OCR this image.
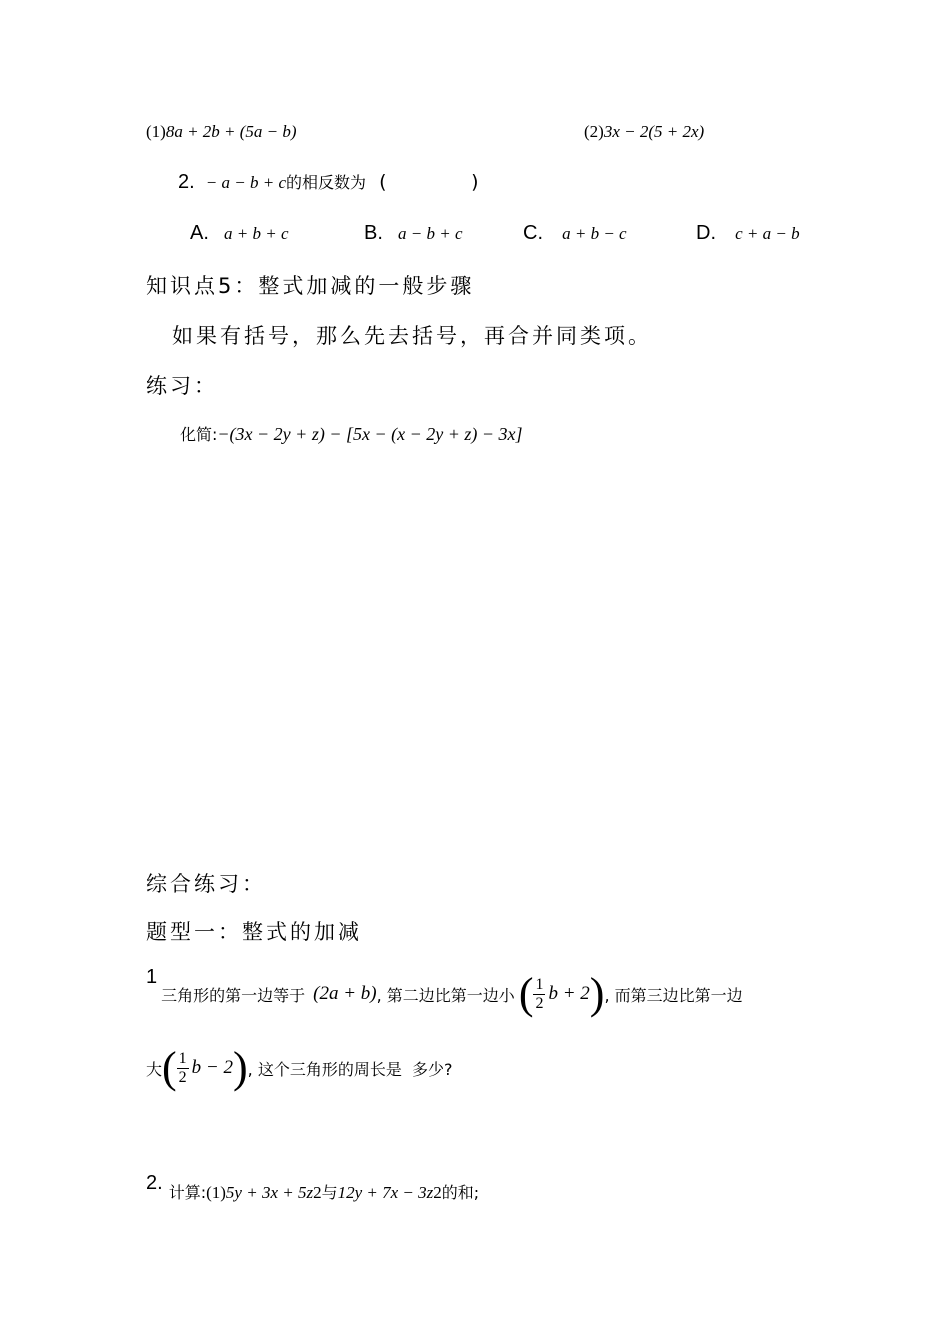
(1)8a + 2b + (5a − b)	(2)3x − 2(5 + 2x)
2. − a − b + c的相反数为 (              )
A. a + b + c	B. a − b + c	C. a + b − c	D. c + a − b
知识点5：整式加减的一般步骤
如果有括号，那么先去括号，再合并同类项。
练习：
化简:−(3x − 2y + z) − [5x − (x − 2y + z) − 3x]
综合练习：
题型一：整式的加减
1
三角形的第一边等于 (2a + b) , 第二边比第一边小 ( $\frac{1}{2}$ b + 2 ) , 而第三边比第一边
大 ( $\frac{1}{2}$ b − 2 ) , 这个三角形的周长是  多少?
2. 计算: (1) 5y + 3x + 5z 2 与 12y + 7x − 3z 2 的和;
